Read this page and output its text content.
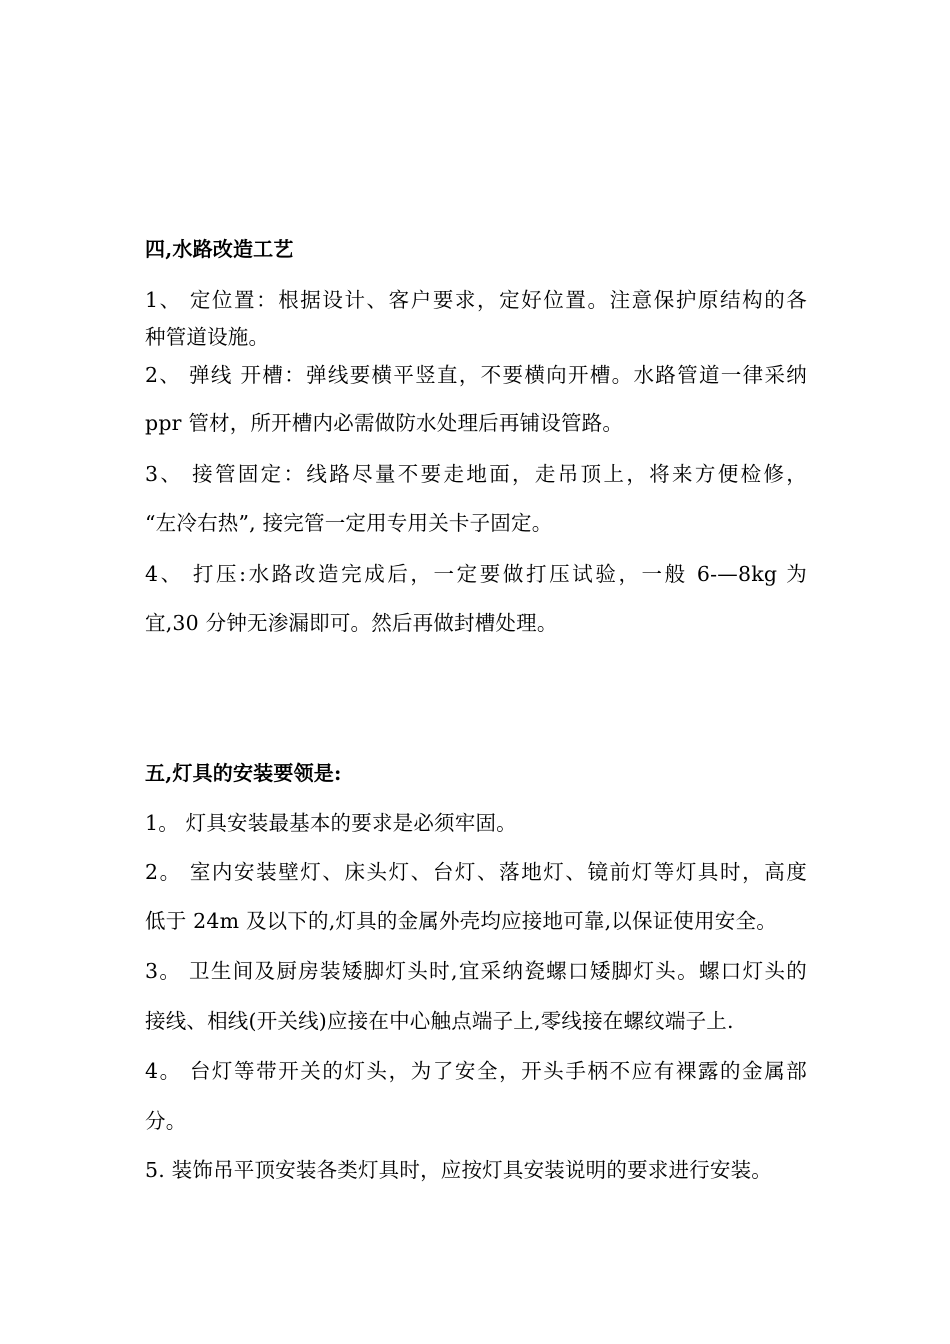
四,水路改造工艺
1、 定位置：根据设计、客户要求，定好位置。注意保护原结构的各
种管道设施。
2、 弹线 开槽：弹线要横平竖直，不要横向开槽。水路管道一律采纳
ppr 管材，所开槽内必需做防水处理后再铺设管路。
3、 接管固定：线路尽量不要走地面，走吊顶上，将来方便检修，
“左冷右热”, 接完管一定用专用关卡子固定。
4、 打压:水路改造完成后，一定要做打压试验，一般 6-—8kg 为
宜,30 分钟无渗漏即可。然后再做封槽处理。
五,灯具的安装要领是:
1。 灯具安装最基本的要求是必须牢固。
2。 室内安装壁灯、床头灯、台灯、落地灯、镜前灯等灯具时，高度
低于 24m 及以下的,灯具的金属外壳均应接地可靠,以保证使用安全。
3。 卫生间及厨房装矮脚灯头时,宜采纳瓷螺口矮脚灯头。螺口灯头的
接线、相线(开关线)应接在中心触点端子上,零线接在螺纹端子上.
4。 台灯等带开关的灯头，为了安全，开头手柄不应有裸露的金属部
分。
5. 装饰吊平顶安装各类灯具时，应按灯具安装说明的要求进行安装。
